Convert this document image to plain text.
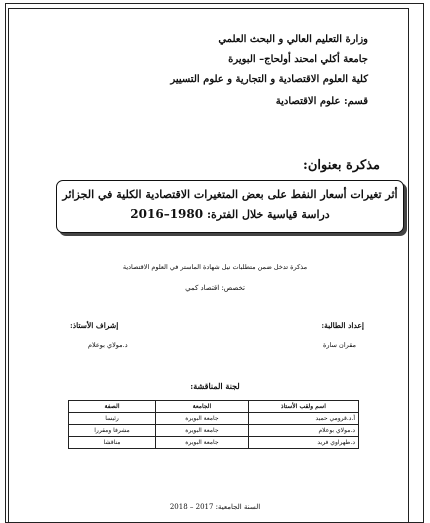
وزارة التعليم العالي و البحث العلمي
جامعة أكلي امحند أولحاج– البويرة
كلية العلوم الاقتصادية و التجارية و علوم التسيير
قسم: علوم الاقتصادية
مذكرة بعنوان:
أثر تغيرات أسعار النفط على بعض المتغيرات الاقتصادية الكلية في الجزائر
دراسة قياسية خلال الفترة: 1980–2016
مذكرة تدخل ضمن متطلبات نيل شهادة الماستر في العلوم الاقتصادية
تخصص: اقتصاد كمي
إعداد الطالبة:
مقران سارة
إشراف الأستاذ:
د.مولاي بوعلام
لجنة المناقشة:
اسم ولقب الأستاذ	الجامعة	الصفة
أ.د.قرومي حميد	جامعة البويرة	رئيسا
د.مولاي بوعلام	جامعة البويرة	مشرفا ومقررا
د.طهراوي فريد	جامعة البويرة	مناقشا
السنة الجامعية: 2017 – 2018
